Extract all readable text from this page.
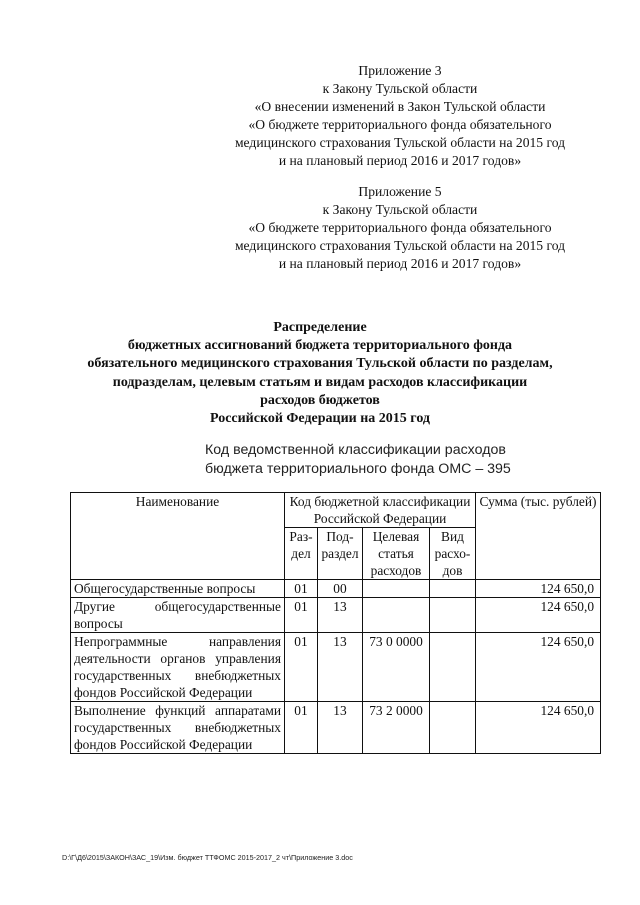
Приложение 3
к Закону Тульской области
«О внесении изменений в Закон Тульской области
«О бюджете территориального фонда обязательного
медицинского страхования Тульской области на 2015 год
и на плановый период 2016 и 2017 годов»
Приложение 5
к Закону Тульской области
«О бюджете территориального фонда обязательного
медицинского страхования Тульской области на 2015 год
и на плановый период 2016 и 2017 годов»
Распределение
бюджетных ассигнований бюджета территориального фонда
обязательного медицинского страхования Тульской области по разделам,
подразделам, целевым статьям и видам расходов классификации
расходов бюджетов
Российской Федерации на 2015 год
Код ведомственной классификации расходов
бюджета территориального фонда ОМС – 395
Наименование	Код бюджетной классификации Российской Федерации				Сумма (тыс. рублей)
	Раз-дел	Под-раздел	Целевая статья расходов	Вид расхо-дов	
Общегосударственные вопросы	01	00			124 650,0
Другие общегосударственные вопросы	01	13			124 650,0
Непрограммные направления деятельности органов управления государственных внебюджетных фондов Российской Федерации	01	13	73 0 0000		124 650,0
Выполнение функций аппаратами государственных внебюджетных фондов Российской Федерации	01	13	73 2 0000		124 650,0
D:\Г\Д6\2015\ЗАКОН\ЗАС_19\Изм. бюджет ТТФОМС 2015-2017_2 чт\Приложение 3.doc
